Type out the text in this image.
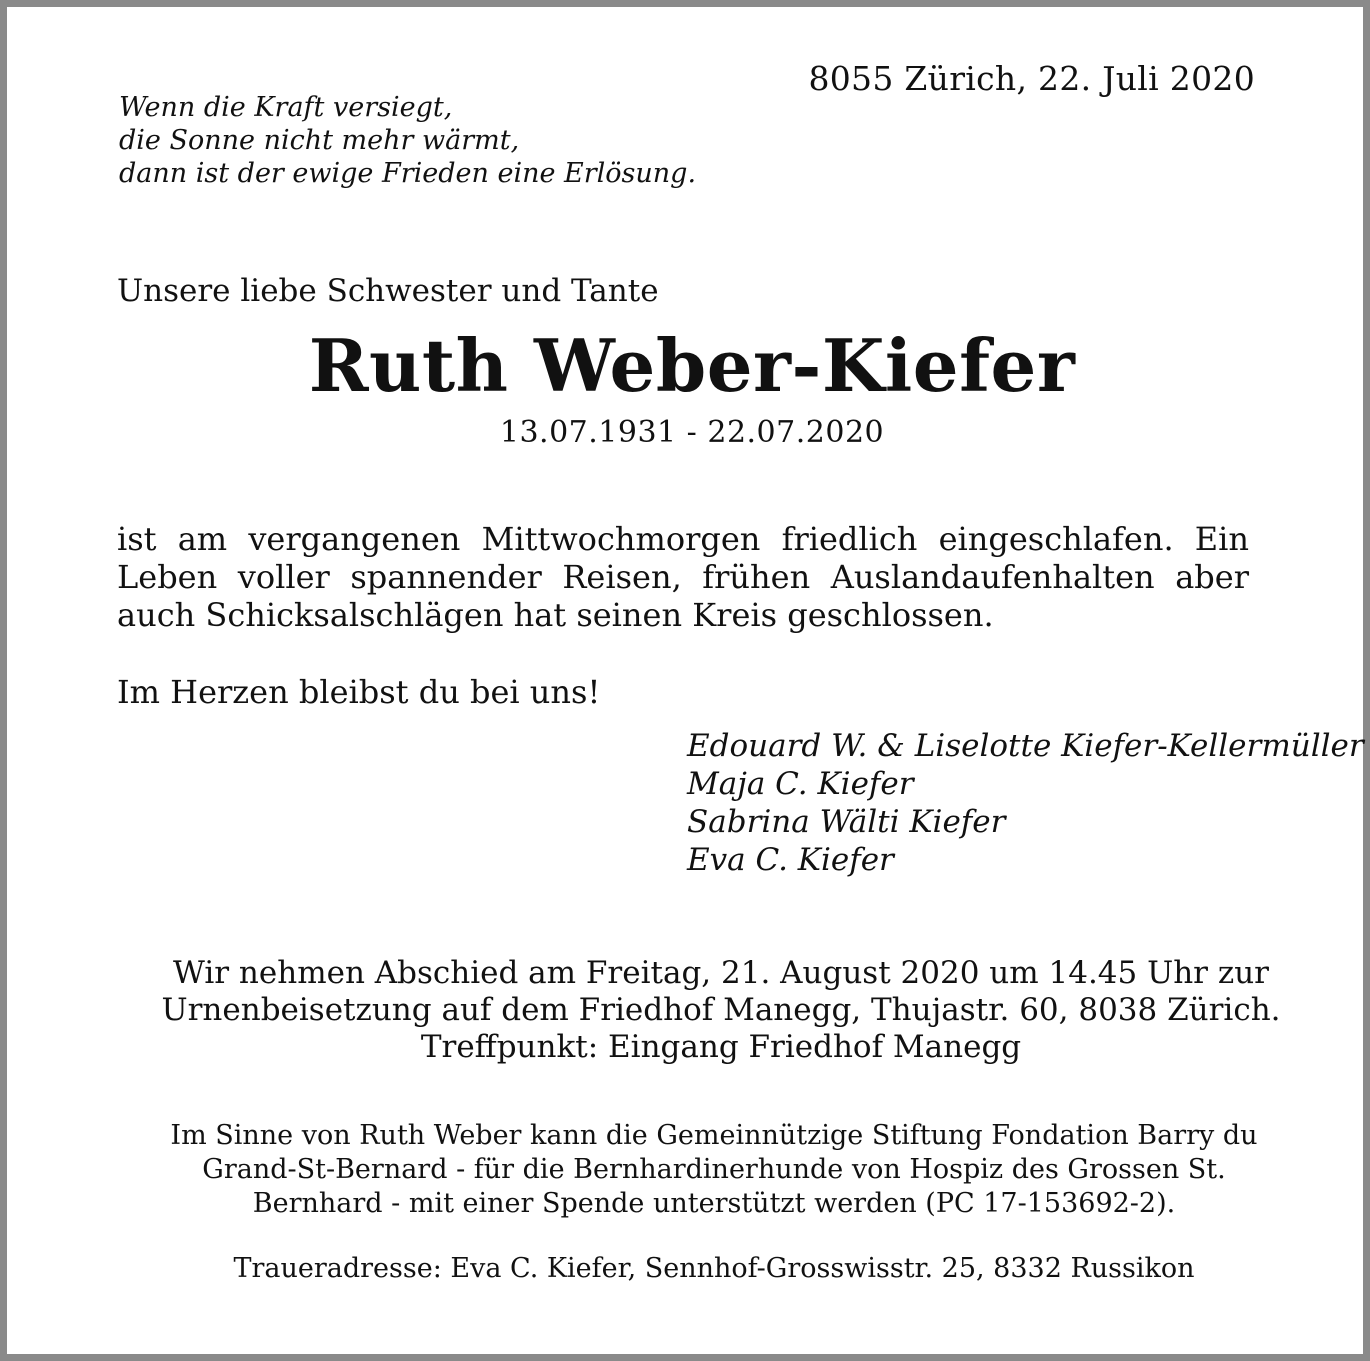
8055 Zürich, 22. Juli 2020
Wenn die Kraft versiegt,
die Sonne nicht mehr wärmt,
dann ist der ewige Frieden eine Erlösung.
Unsere liebe Schwester und Tante
Ruth Weber-Kiefer
13.07.1931 - 22.07.2020
ist am vergangenen Mittwochmorgen friedlich eingeschlafen. Ein Leben voller spannender Reisen, frühen Auslandaufenhalten aber auch Schicksalschlägen hat seinen Kreis geschlossen.
Im Herzen bleibst du bei uns!
Edouard W. & Liselotte Kiefer-Kellermüller
Maja C. Kiefer
Sabrina Wälti Kiefer
Eva C. Kiefer
Wir nehmen Abschied am Freitag, 21. August 2020 um 14.45 Uhr zur
Urnenbeisetzung auf dem Friedhof Manegg, Thujastr. 60, 8038 Zürich.
Treffpunkt: Eingang Friedhof Manegg
Im Sinne von Ruth Weber kann die Gemeinnützige Stiftung Fondation Barry du
Grand-St-Bernard - für die Bernhardinerhunde von Hospiz des Grossen St.
Bernhard - mit einer Spende unterstützt werden (PC 17-153692-2).
Traueradresse: Eva C. Kiefer, Sennhof-Grosswisstr. 25, 8332 Russikon
